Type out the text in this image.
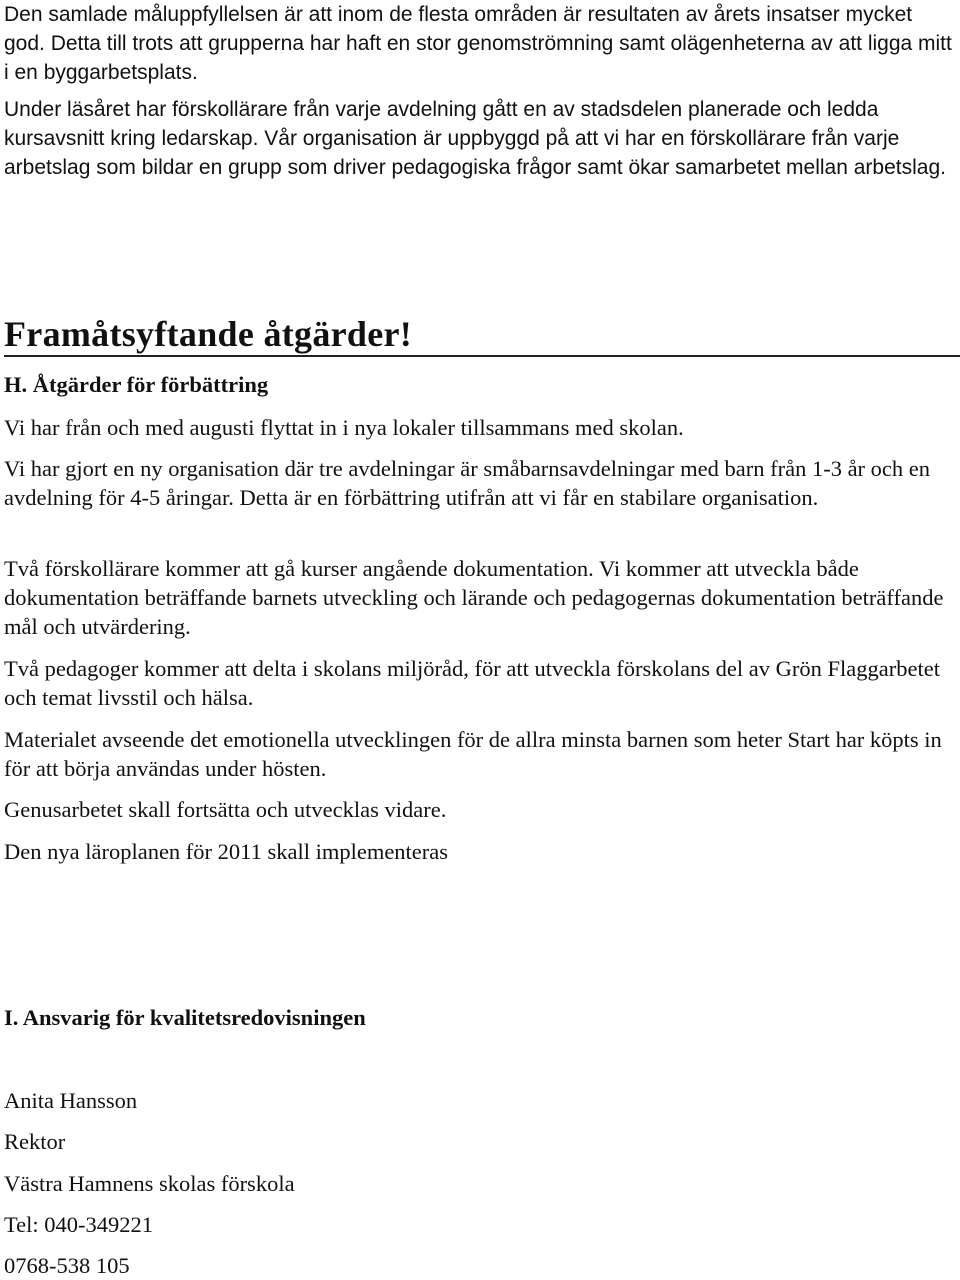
Den samlade måluppfyllelsen är att inom de flesta områden är resultaten av årets insatser mycket god. Detta till trots att grupperna har haft en stor genomströmning samt olägenheterna av att ligga mitt i en byggarbetsplats.

Under läsåret har förskollärare från varje avdelning gått en av stadsdelen planerade och ledda kursavsnitt kring ledarskap. Vår organisation är uppbyggd på att vi har en förskollärare från varje arbetslag som bildar en grupp som driver pedagogiska frågor samt ökar samarbetet mellan arbetslag.

Framåtsyftande åtgärder!
H. Åtgärder för förbättring

Vi har från och med augusti flyttat in i nya lokaler tillsammans med skolan.

Vi har gjort en ny organisation där tre avdelningar är småbarnsavdelningar med barn från 1-3 år och en avdelning för 4-5 åringar. Detta är en förbättring utifrån att vi får en stabilare organisation.

Två förskollärare kommer att gå kurser angående dokumentation. Vi kommer att utveckla både dokumentation beträffande barnets utveckling och lärande och pedagogernas dokumentation beträffande mål och utvärdering.

Två pedagoger kommer att delta i skolans miljöråd, för att utveckla förskolans del av Grön Flaggarbetet och temat livsstil och hälsa.

Materialet avseende det emotionella utvecklingen för de allra minsta barnen som heter Start har köpts in för att börja användas under hösten.

Genusarbetet skall fortsätta och utvecklas vidare.

Den nya läroplanen för 2011 skall implementeras

I. Ansvarig för kvalitetsredovisningen

Anita Hansson

Rektor

Västra Hamnens skolas förskola

Tel: 040-349221

0768-538 105
